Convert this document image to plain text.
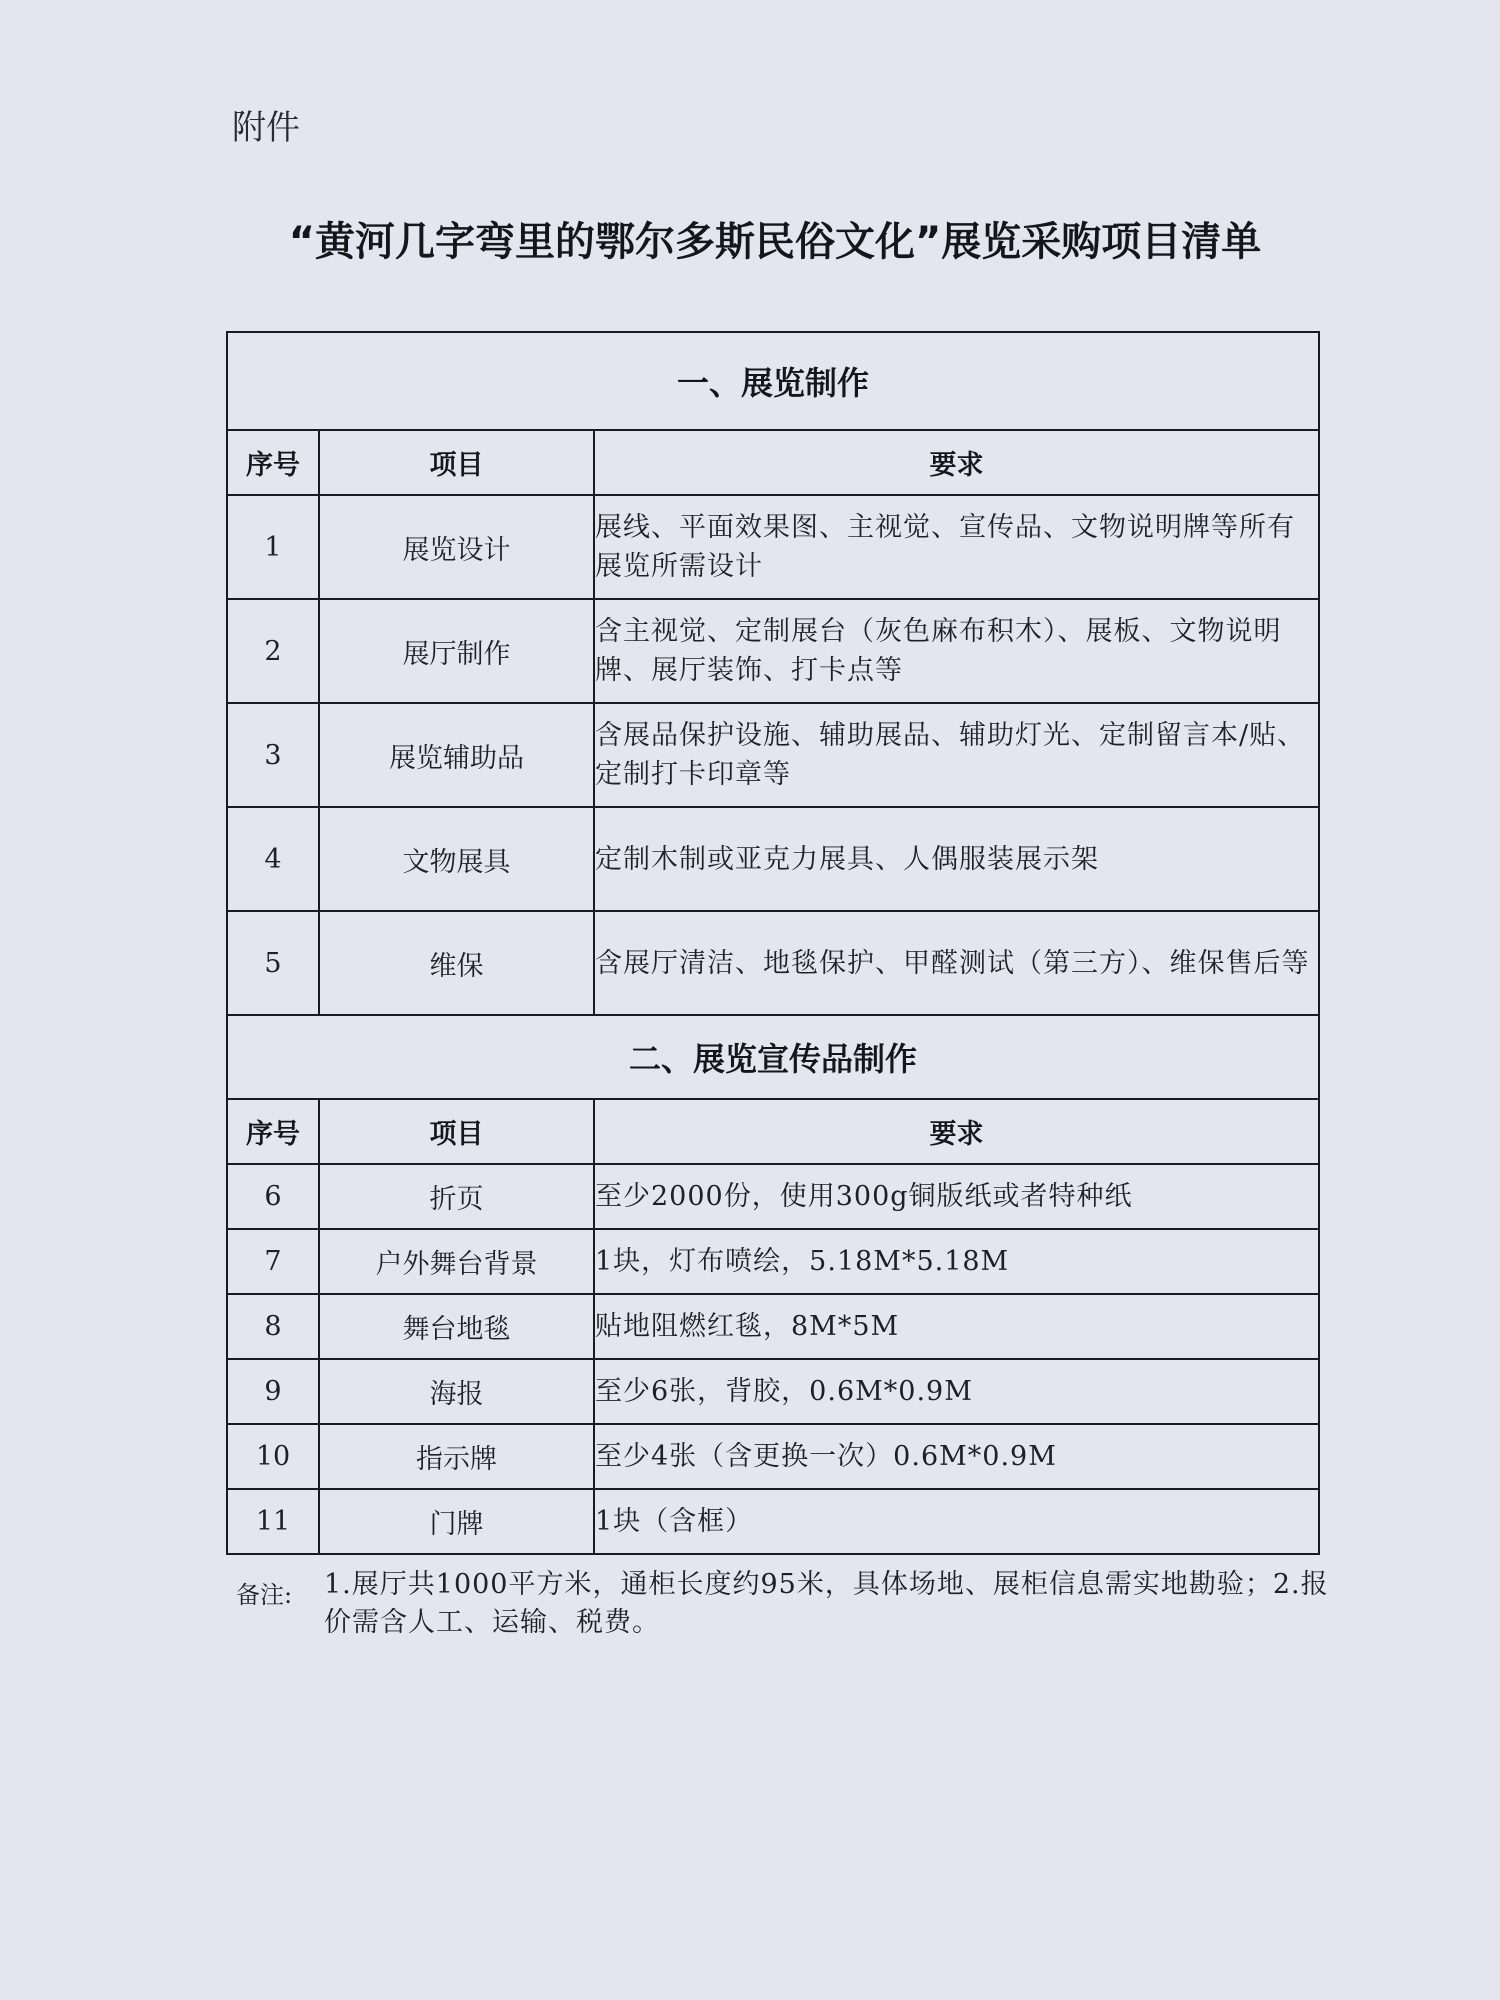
附件
“黄河几字弯里的鄂尔多斯民俗文化”展览采购项目清单
一、展览制作		
序号	项目	要求
1	展览设计	展线、平面效果图、主视觉、宣传品、文物说明牌等所有展览所需设计
2	展厅制作	含主视觉、定制展台（灰色麻布积木）、展板、文物说明牌、展厅装饰、打卡点等
3	展览辅助品	含展品保护设施、辅助展品、辅助灯光、定制留言本/贴、定制打卡印章等
4	文物展具	定制木制或亚克力展具、人偶服装展示架
5	维保	含展厅清洁、地毯保护、甲醛测试（第三方）、维保售后等
二、展览宣传品制作		
序号	项目	要求
6	折页	至少2000份，使用300g铜版纸或者特种纸
7	户外舞台背景	1块，灯布喷绘，5.18M*5.18M
8	舞台地毯	贴地阻燃红毯，8M*5M
9	海报	至少6张，背胶，0.6M*0.9M
10	指示牌	至少4张（含更换一次）0.6M*0.9M
11	门牌	1块（含框）
备注: 1.展厅共1000平方米，通柜长度约95米，具体场地、展柜信息需实地勘验；2.报价需含人工、运输、税费。
